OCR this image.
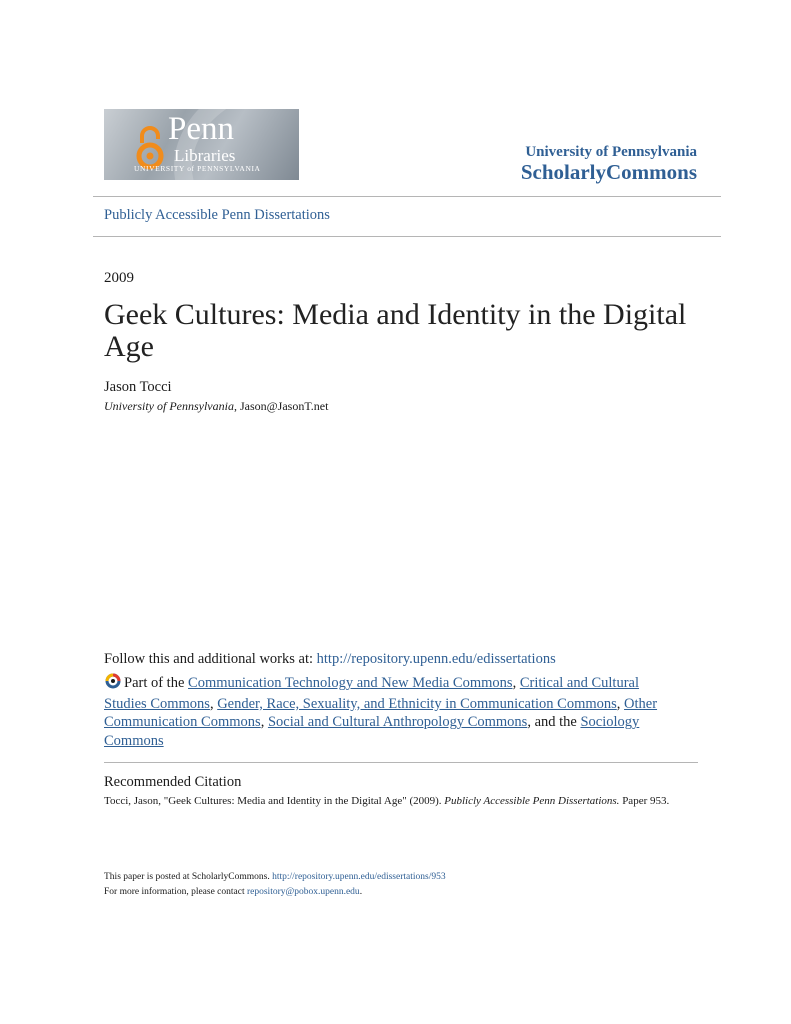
Penn
Libraries
UNIVERSITY of PENNSYLVANIA
University of Pennsylvania
ScholarlyCommons
Publicly Accessible Penn Dissertations
2009
Geek Cultures: Media and Identity in the Digital Age
Jason Tocci
University of Pennsylvania, Jason@JasonT.net
Follow this and additional works at: http://repository.upenn.edu/edissertations
Part of the Communication Technology and New Media Commons, Critical and Cultural Studies Commons, Gender, Race, Sexuality, and Ethnicity in Communication Commons, Other Communication Commons, Social and Cultural Anthropology Commons, and the Sociology Commons
Recommended Citation
Tocci, Jason, "Geek Cultures: Media and Identity in the Digital Age" (2009). Publicly Accessible Penn Dissertations. Paper 953.
This paper is posted at ScholarlyCommons. http://repository.upenn.edu/edissertations/953
For more information, please contact repository@pobox.upenn.edu.
